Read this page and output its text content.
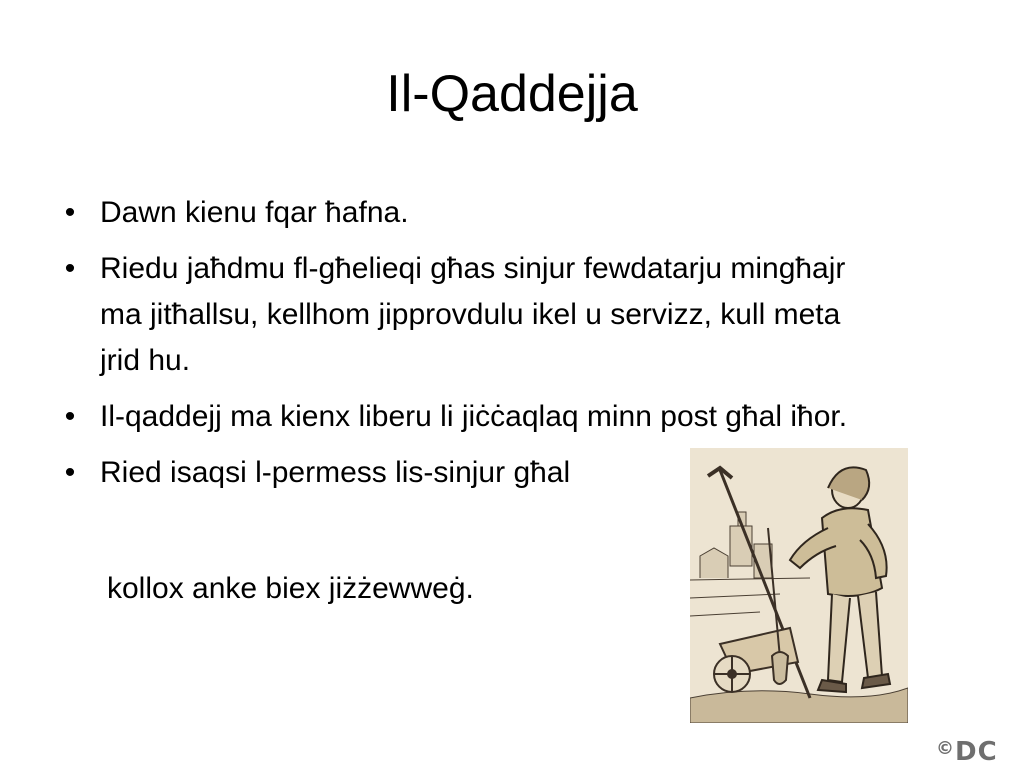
Il-Qaddejja
• Dawn kienu fqar ħafna.
• Riedu jaħdmu fl-għelieqi għas sinjur fewdatarju mingħajr ma jitħallsu, kellhom jipprovdulu ikel u servizz, kull meta jrid hu.
• Il-qaddejj ma kienx liberu li jiċċaqlaq minn post għal iħor.
• Ried isaqsi l-permess lis-sinjur għal
kollox anke biex jiżżewweġ.
©DC
